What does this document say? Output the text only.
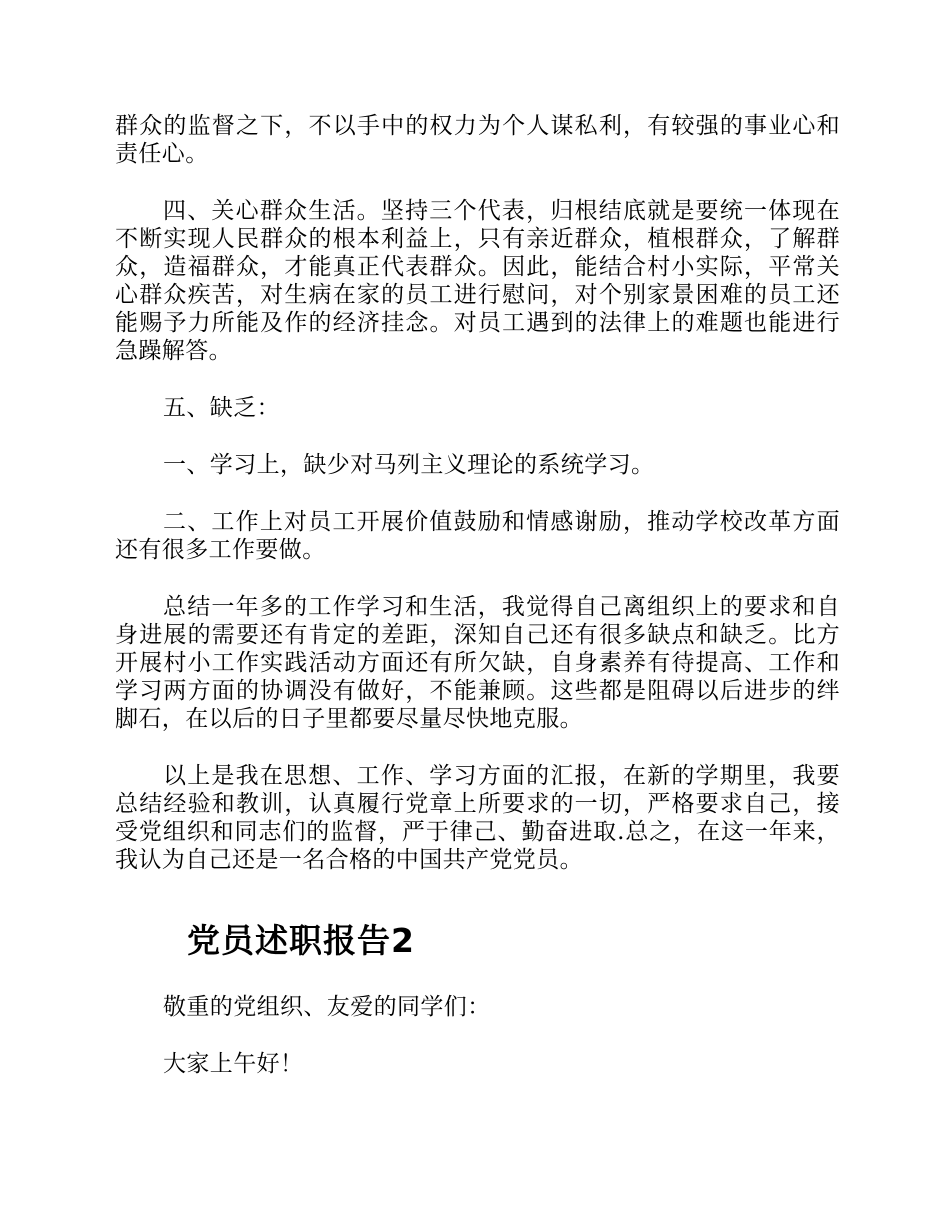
群众的监督之下，不以手中的权力为个人谋私利，有较强的事业心和责任心。

四、关心群众生活。坚持三个代表，归根结底就是要统一体现在不断实现人民群众的根本利益上，只有亲近群众，植根群众，了解群众，造福群众，才能真正代表群众。因此，能结合村小实际，平常关心群众疾苦，对生病在家的员工进行慰问，对个别家景困难的员工还能赐予力所能及作的经济挂念。对员工遇到的法律上的难题也能进行急躁解答。

五、缺乏：

一、学习上，缺少对马列主义理论的系统学习。

二、工作上对员工开展价值鼓励和情感谢励，推动学校改革方面还有很多工作要做。

总结一年多的工作学习和生活，我觉得自己离组织上的要求和自身进展的需要还有肯定的差距，深知自己还有很多缺点和缺乏。比方开展村小工作实践活动方面还有所欠缺，自身素养有待提高、工作和学习两方面的协调没有做好，不能兼顾。这些都是阻碍以后进步的绊脚石，在以后的日子里都要尽量尽快地克服。

以上是我在思想、工作、学习方面的汇报，在新的学期里，我要总结经验和教训，认真履行党章上所要求的一切，严格要求自己，接受党组织和同志们的监督，严于律己、勤奋进取.总之，在这一年来，我认为自己还是一名合格的中国共产党党员。

党员述职报告2

敬重的党组织、友爱的同学们：

大家上午好！
